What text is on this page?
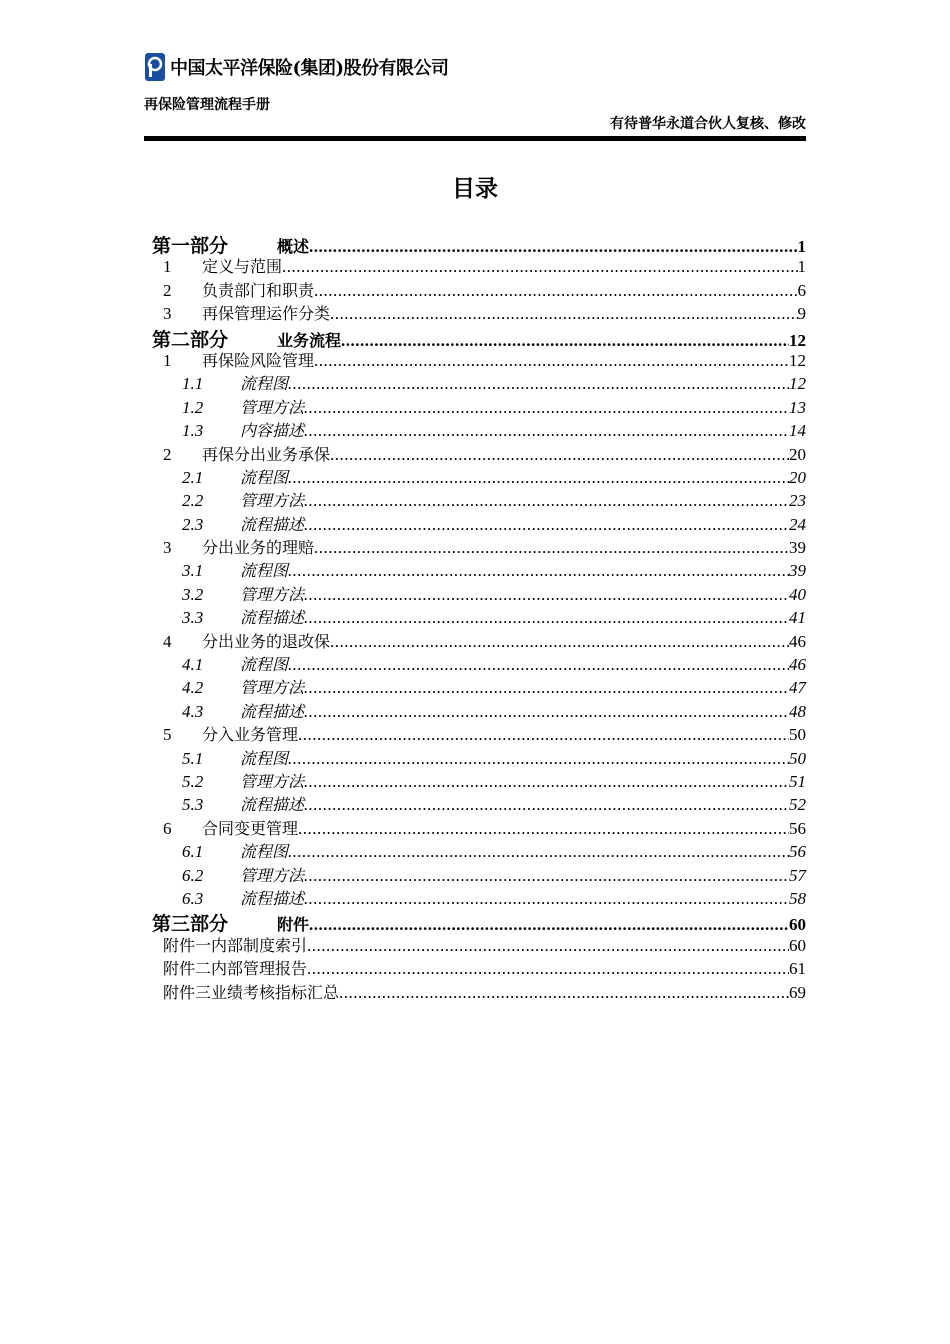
中国太平洋保险(集团)股份有限公司
再保险管理流程手册
有待普华永道合伙人复核、修改
目录
第一部分	概述 .....	1
1	定义与范围 .....	1
2	负责部门和职责 .....	6
3	再保管理运作分类 .....	9
第二部分	业务流程 .....	12
1	再保险风险管理 .....	12
1.1	流程图 .....	12
1.2	管理方法 .....	13
1.3	内容描述 .....	14
2	再保分出业务承保 .....	20
2.1	流程图 .....	20
2.2	管理方法 .....	23
2.3	流程描述 .....	24
3	分出业务的理赔 .....	39
3.1	流程图 .....	39
3.2	管理方法 .....	40
3.3	流程描述 .....	41
4	分出业务的退改保 .....	46
4.1	流程图 .....	46
4.2	管理方法 .....	47
4.3	流程描述 .....	48
5	分入业务管理 .....	50
5.1	流程图 .....	50
5.2	管理方法 .....	51
5.3	流程描述 .....	52
6	合同变更管理 .....	56
6.1	流程图 .....	56
6.2	管理方法 .....	57
6.3	流程描述 .....	58
第三部分	附件 .....	60
附件一 内部制度索引 .....	60
附件二 内部管理报告 .....	61
附件三 业绩考核指标汇总 .....	69
